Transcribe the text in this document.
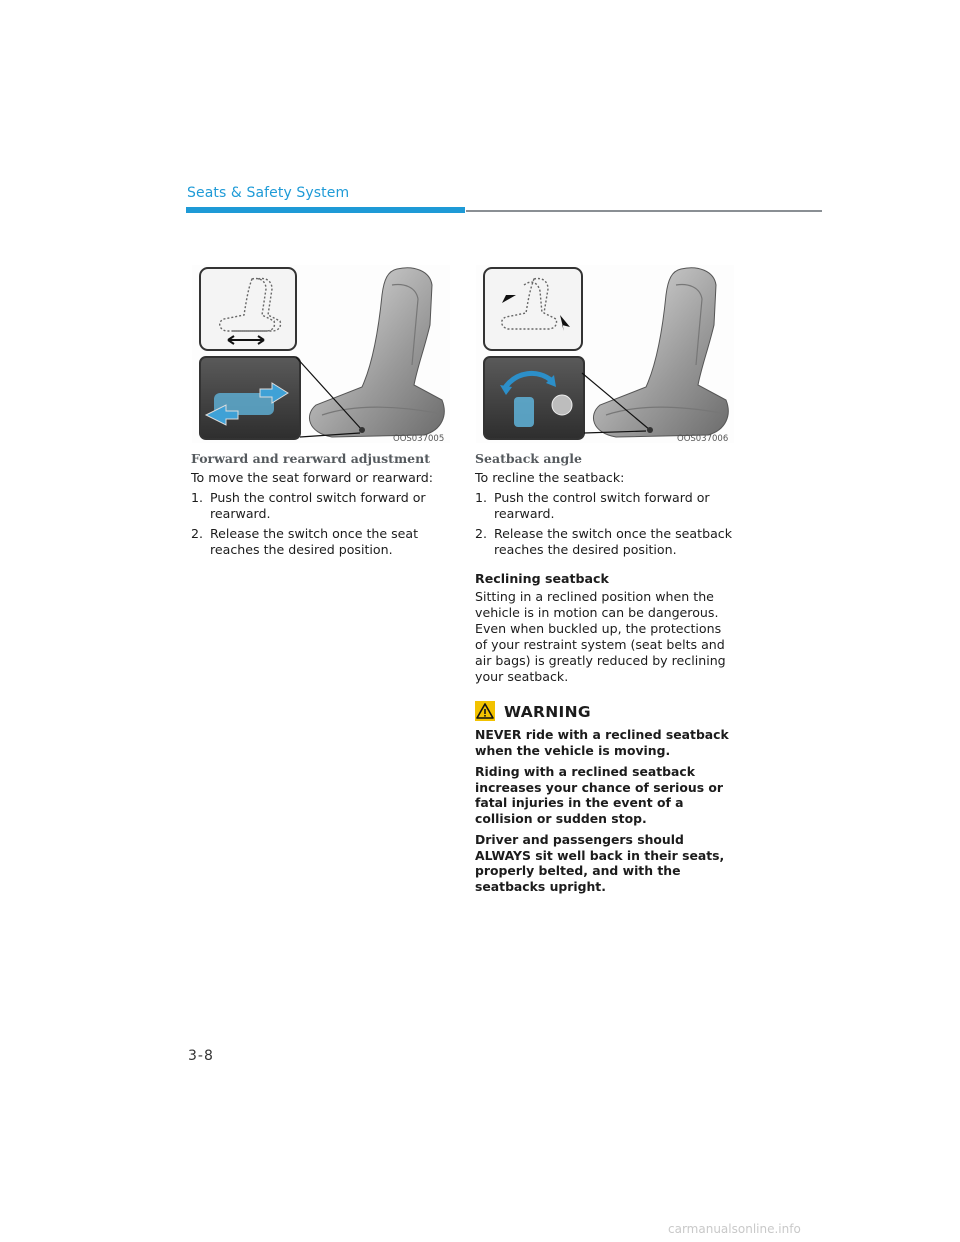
Seats & Safety System
OOS037005	OOS037006
Forward and rearward adjustment
To move the seat forward or rearward:
1. Push the control switch forward or rearward.
2. Release the switch once the seat reaches the desired position.
Seatback angle
To recline the seatback:
1. Push the control switch forward or rearward.
2. Release the switch once the seatback reaches the desired position.
Reclining seatback
Sitting in a reclined position when the vehicle is in motion can be dangerous. Even when buckled up, the protections of your restraint system (seat belts and air bags) is greatly reduced by reclining your seatback.
WARNING

NEVER ride with a reclined seatback when the vehicle is moving.

Riding with a reclined seatback increases your chance of serious or fatal injuries in the event of a collision or sudden stop.

Driver and passengers should ALWAYS sit well back in their seats, properly belted, and with the seatbacks upright.

3-8
carmanualsonline.info
